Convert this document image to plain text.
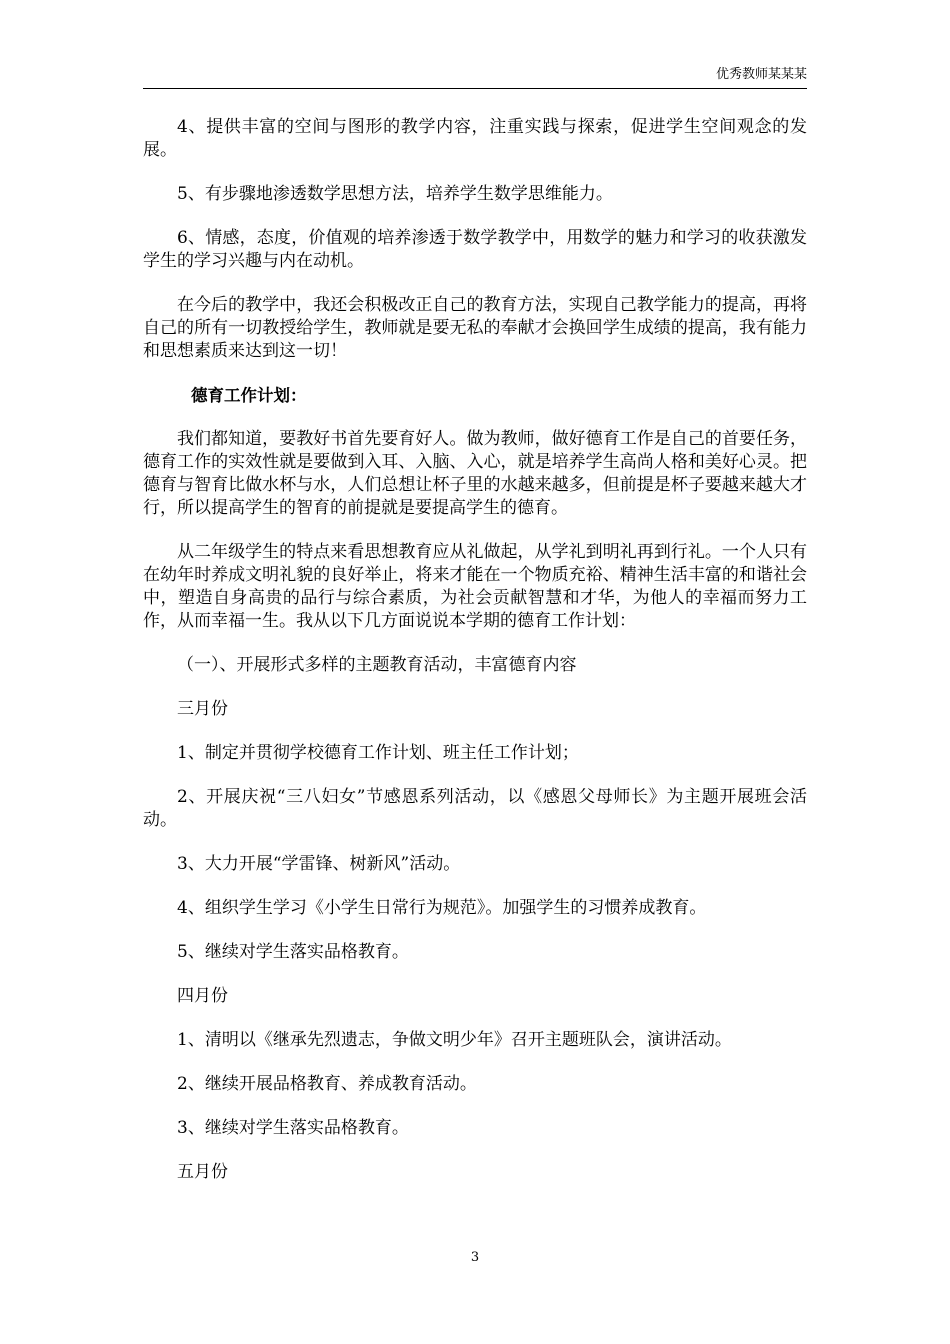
优秀教师某某某

4、提供丰富的空间与图形的教学内容，注重实践与探索，促进学生空间观念的发展。

5、有步骤地渗透数学思想方法，培养学生数学思维能力。

6、情感，态度，价值观的培养渗透于数学教学中，用数学的魅力和学习的收获激发学生的学习兴趣与内在动机。

在今后的教学中，我还会积极改正自己的教育方法，实现自己教学能力的提高，再将自己的所有一切教授给学生，教师就是要无私的奉献才会换回学生成绩的提高，我有能力和思想素质来达到这一切！

德育工作计划：

我们都知道，要教好书首先要育好人。做为教师，做好德育工作是自己的首要任务，德育工作的实效性就是要做到入耳、入脑、入心，就是培养学生高尚人格和美好心灵。把德育与智育比做水杯与水，人们总想让杯子里的水越来越多，但前提是杯子要越来越大才行，所以提高学生的智育的前提就是要提高学生的德育。

从二年级学生的特点来看思想教育应从礼做起，从学礼到明礼再到行礼。一个人只有在幼年时养成文明礼貌的良好举止，将来才能在一个物质充裕、精神生活丰富的和谐社会中，塑造自身高贵的品行与综合素质，为社会贡献智慧和才华，为他人的幸福而努力工作，从而幸福一生。我从以下几方面说说本学期的德育工作计划：

（一）、开展形式多样的主题教育活动，丰富德育内容

三月份

1、制定并贯彻学校德育工作计划、班主任工作计划；

2、开展庆祝“三八妇女”节感恩系列活动，以《感恩父母师长》为主题开展班会活动。

3、大力开展“学雷锋、树新风”活动。

4、组织学生学习《小学生日常行为规范》。加强学生的习惯养成教育。

5、继续对学生落实品格教育。

四月份

1、清明以《继承先烈遗志，争做文明少年》召开主题班队会，演讲活动。

2、继续开展品格教育、养成教育活动。

3、继续对学生落实品格教育。

五月份

3
